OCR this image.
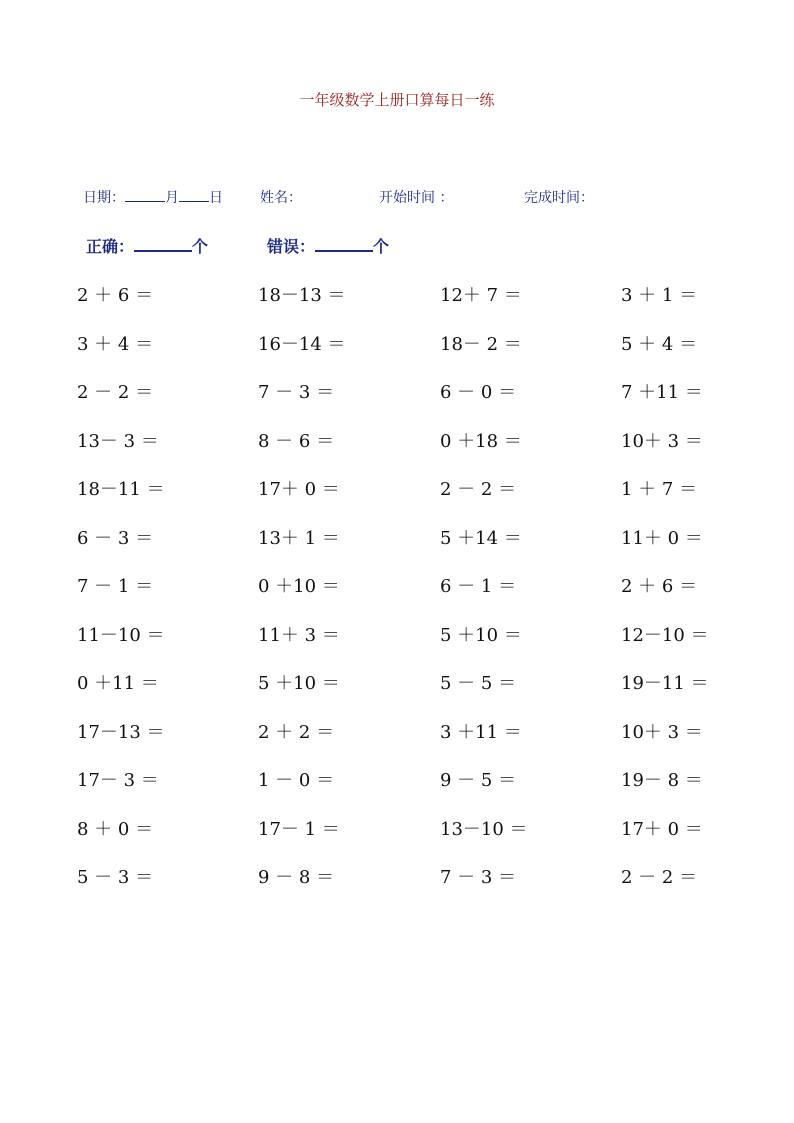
一年级数学上册口算每日一练
日期：	月 日	姓名：	开始时间 ：	完成时间：
正确：	个	错误：	个
2 ＋ 6 ＝	18－13 ＝	12＋ 7 ＝	3 ＋ 1 ＝
3 ＋ 4 ＝	16－14 ＝	18－ 2 ＝	5 ＋ 4 ＝
2 － 2 ＝	7 － 3 ＝	6 － 0 ＝	7 ＋11 ＝
13－ 3 ＝	8 － 6 ＝	0 ＋18 ＝	10＋ 3 ＝
18－11 ＝	17＋ 0 ＝	2 － 2 ＝	1 ＋ 7 ＝
6 － 3 ＝	13＋ 1 ＝	5 ＋14 ＝	11＋ 0 ＝
7 － 1 ＝	0 ＋10 ＝	6 － 1 ＝	2 ＋ 6 ＝
11－10 ＝	11＋ 3 ＝	5 ＋10 ＝	12－10 ＝
0 ＋11 ＝	5 ＋10 ＝	5 － 5 ＝	19－11 ＝
17－13 ＝	2 ＋ 2 ＝	3 ＋11 ＝	10＋ 3 ＝
17－ 3 ＝	1 － 0 ＝	9 － 5 ＝	19－ 8 ＝
8 ＋ 0 ＝	17－ 1 ＝	13－10 ＝	17＋ 0 ＝
5 － 3 ＝	9 － 8 ＝	7 － 3 ＝	2 － 2 ＝
